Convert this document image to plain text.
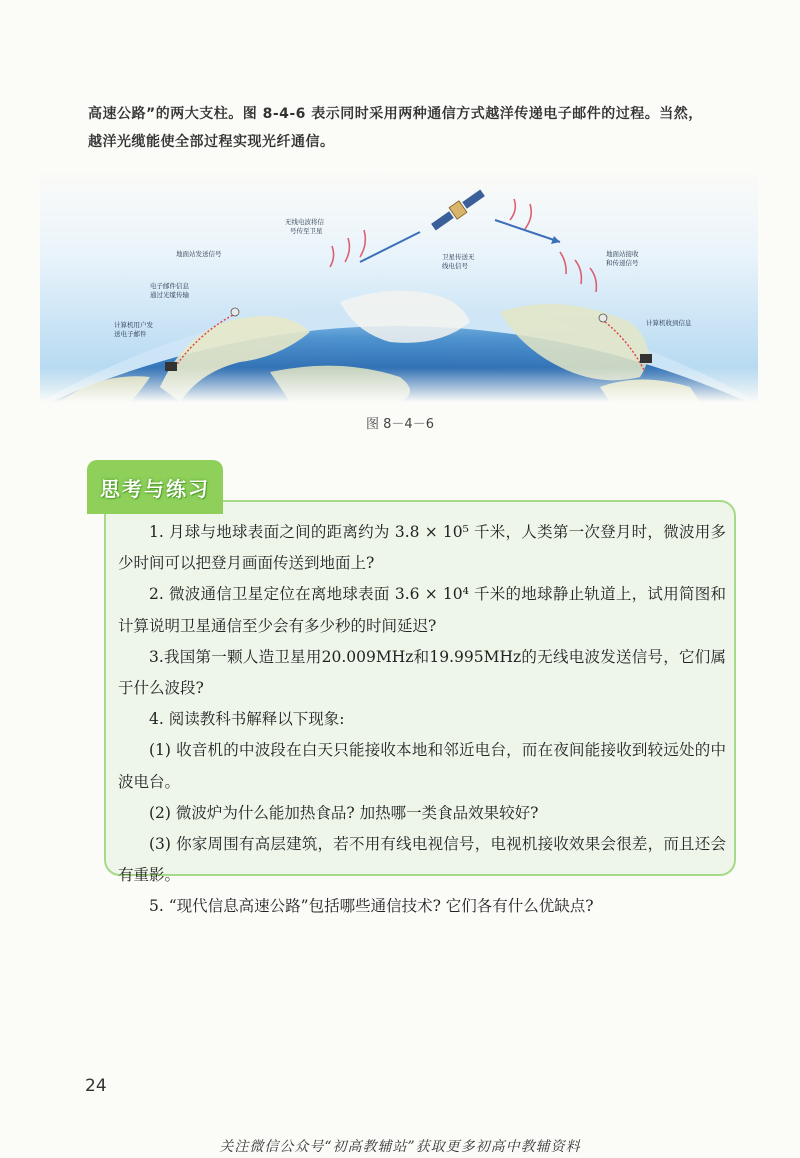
高速公路”的两大支柱。图 8-4-6 表示同时采用两种通信方式越洋传递电子邮件的过程。当然，

越洋光缆能使全部过程实现光纤通信。

计算机用户发送电子邮件
电子邮件信息通过光缆传输
地面站发送信号
无线电波将信号传至卫星
卫星传送无线电信号
地面站接收和传递信号
计算机收到信息
图 8－4－6
思考与练习

1. 月球与地球表面之间的距离约为 3.8 × 10⁵ 千米，人类第一次登月时，微波用多少时间可以把登月画面传送到地面上?

2. 微波通信卫星定位在离地球表面 3.6 × 10⁴ 千米的地球静止轨道上，试用简图和计算说明卫星通信至少会有多少秒的时间延迟?

3.我国第一颗人造卫星用20.009MHz和19.995MHz的无线电波发送信号，它们属于什么波段?

4. 阅读教科书解释以下现象:

(1) 收音机的中波段在白天只能接收本地和邻近电台，而在夜间能接收到较远处的中波电台。

(2) 微波炉为什么能加热食品? 加热哪一类食品效果较好?

(3) 你家周围有高层建筑，若不用有线电视信号，电视机接收效果会很差，而且还会有重影。

5. “现代信息高速公路”包括哪些通信技术? 它们各有什么优缺点?

24
关注微信公众号“初高教辅站”获取更多初高中教辅资料
